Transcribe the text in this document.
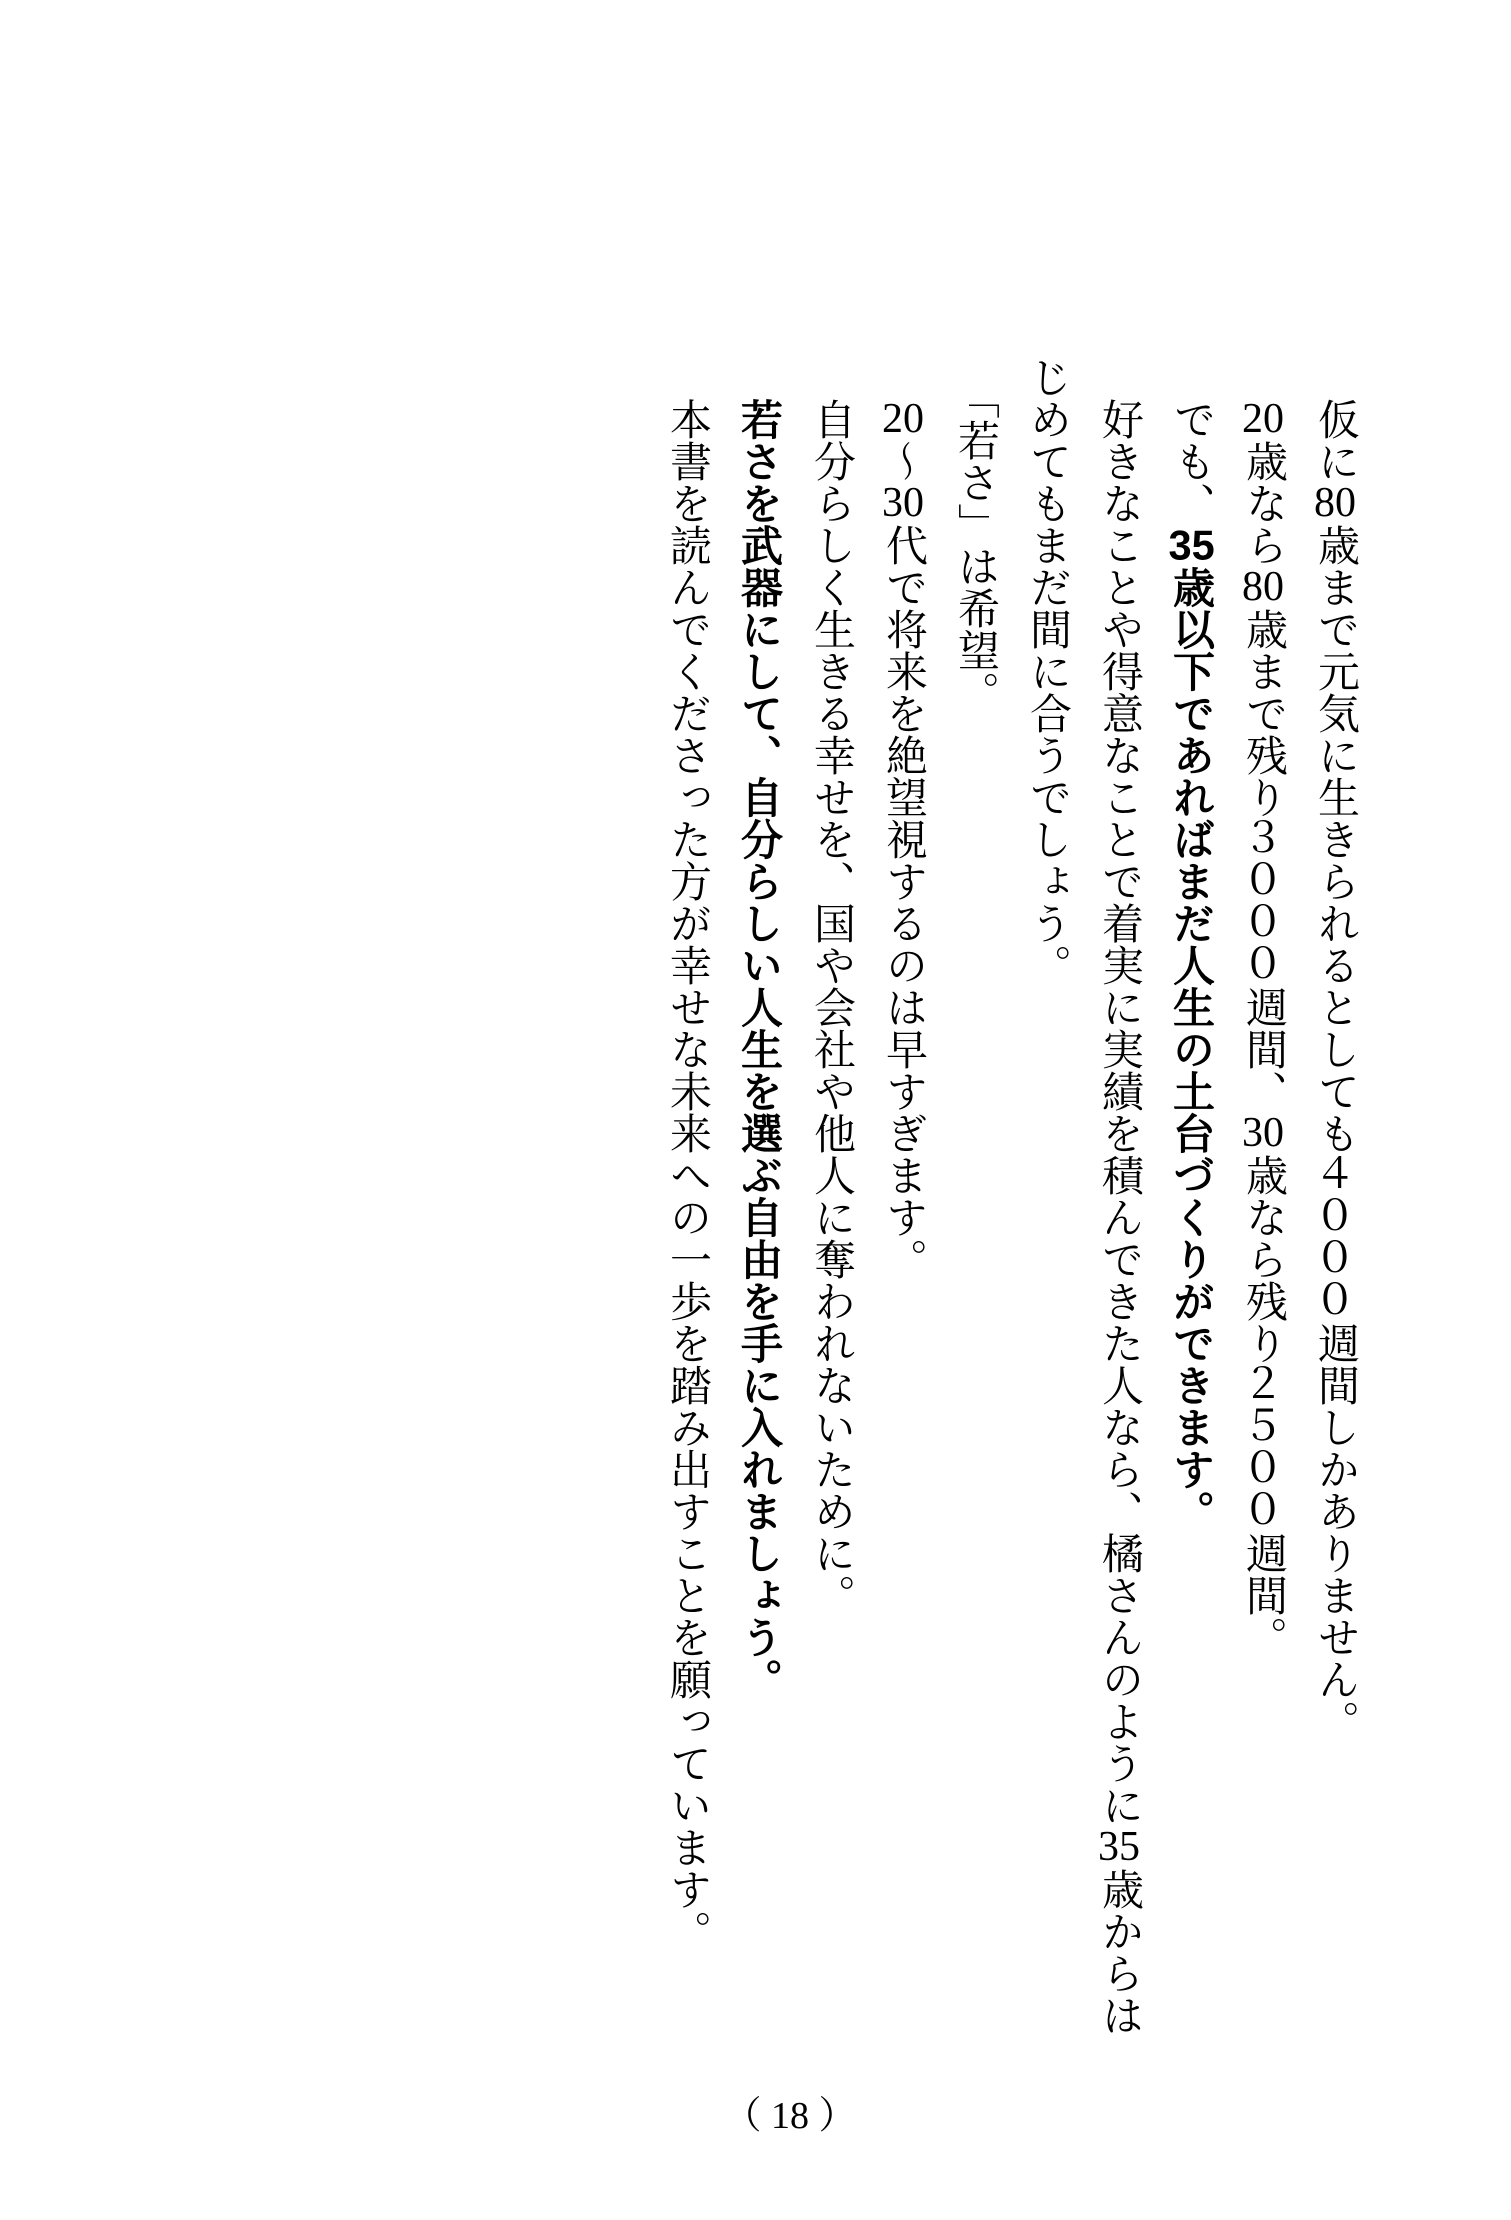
仮に80歳まで元気に生きられるとしても４０００週間しかありません。

20歳なら80歳まで残り３０００週間、30歳なら残り２５００週間。

でも、35歳以下であればまだ人生の土台づくりができます。

好きなことや得意なことで着実に実績を積んできた人なら、橘さんのように35歳からはじめてもまだ間に合うでしょう。

「若さ」は希望。

20〜30代で将来を絶望視するのは早すぎます。

自分らしく生きる幸せを、国や会社や他人に奪われないために。

若さを武器にして、自分らしい人生を選ぶ自由を手に入れましょう。

本書を読んでくださった方が幸せな未来への一歩を踏み出すことを願っています。

（ 18 ）
